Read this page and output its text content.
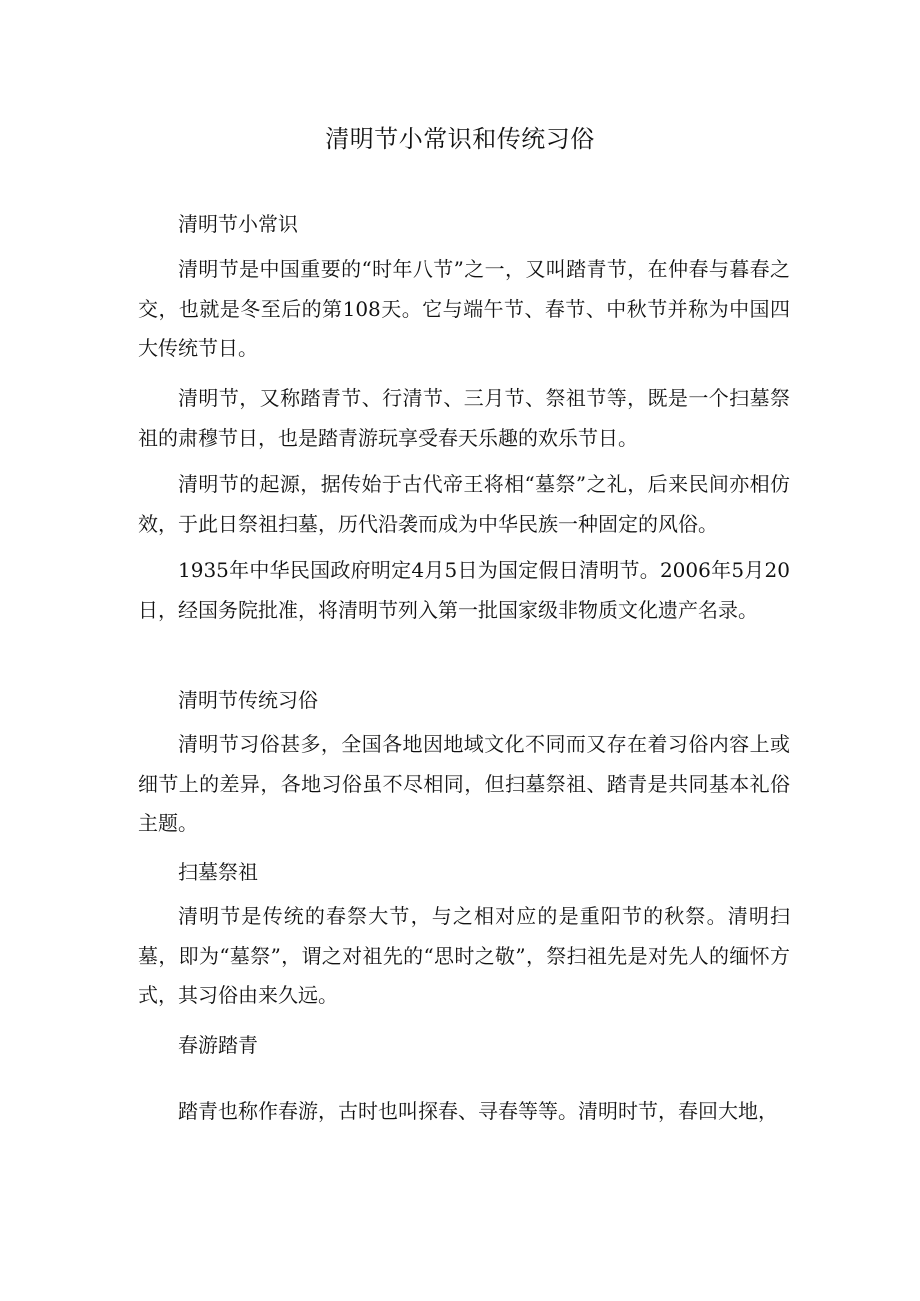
清明节小常识和传统习俗

清明节小常识

清明节是中国重要的“时年八节”之一，又叫踏青节，在仲春与暮春之交，也就是冬至后的第108天。它与端午节、春节、中秋节并称为中国四大传统节日。

清明节，又称踏青节、行清节、三月节、祭祖节等，既是一个扫墓祭祖的肃穆节日，也是踏青游玩享受春天乐趣的欢乐节日。

清明节的起源，据传始于古代帝王将相“墓祭”之礼，后来民间亦相仿效，于此日祭祖扫墓，历代沿袭而成为中华民族一种固定的风俗。

1935年中华民国政府明定4月5日为国定假日清明节。2006年5月20日，经国务院批准，将清明节列入第一批国家级非物质文化遗产名录。

清明节传统习俗

清明节习俗甚多，全国各地因地域文化不同而又存在着习俗内容上或细节上的差异，各地习俗虽不尽相同，但扫墓祭祖、踏青是共同基本礼俗主题。

扫墓祭祖

清明节是传统的春祭大节，与之相对应的是重阳节的秋祭。清明扫墓，即为“墓祭”，谓之对祖先的“思时之敬”，祭扫祖先是对先人的缅怀方式，其习俗由来久远。

春游踏青

踏青也称作春游，古时也叫探春、寻春等等。清明时节，春回大地，
